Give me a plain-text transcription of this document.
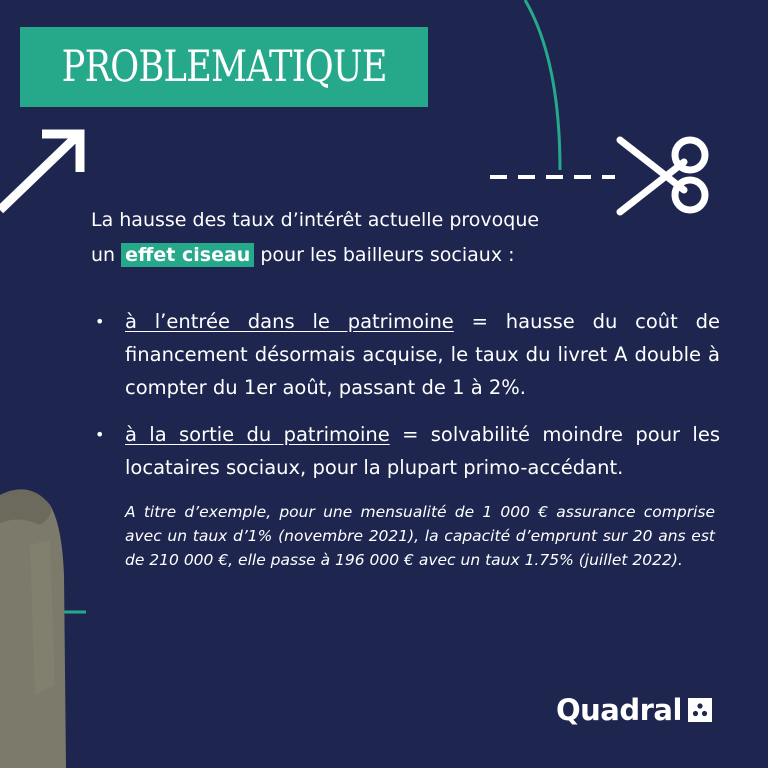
PROBLEMATIQUE
La hausse des taux d’intérêt actuelle provoque
un effet ciseau pour les bailleurs sociaux :
•	à l’entrée dans le patrimoine = hausse du coût de financement désormais acquise, le taux du livret A double à compter du 1er août, passant de 1 à 2%.
•	à la sortie du patrimoine = solvabilité moindre pour les locataires sociaux, pour la plupart primo-accédant.
A titre d’exemple, pour une mensualité de 1 000 € assurance comprise avec un taux d’1% (novembre 2021), la capacité d’emprunt sur 20 ans est de 210 000 €, elle passe à 196 000 € avec un taux 1.75% (juillet 2022).
Quadral
